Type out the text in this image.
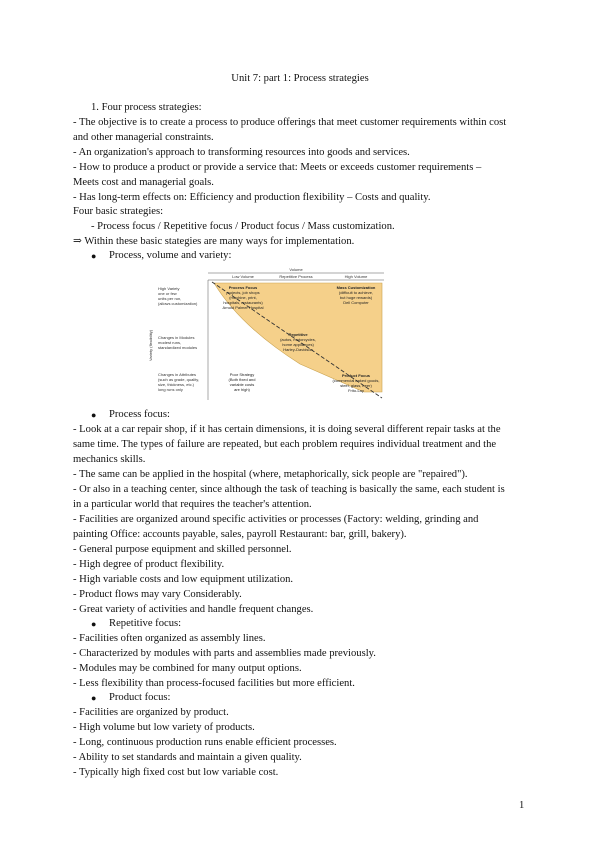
Unit 7: part 1: Process strategies
1. Four process strategies:
- The objective is to create a process to produce offerings that meet customer requirements within cost
and other managerial constraints.
- An organization's approach to transforming resources into goods and services.
- How to produce a product or provide a service that: Meets or exceeds customer requirements –
Meets cost and managerial goals.
- Has long-term effects on: Efficiency and production flexibility – Costs and quality.
Four basic strategies:
- Process focus / Repetitive focus / Product focus / Mass customization.
⇒ Within these basic stategies are many ways for implementation.
● Process, volume and variety:
Volume
Low Volume	Repetitive Process	High Volume
Variety (flexibility)
High Variety
one or few
units per run,
(allows customization)
Changes in Modules
modest runs,
standardized modules
Changes in Attributes
(such as grade, quality,
size, thickness, etc.)
long runs only
Process Focus
projects, job shops
(machine, print,
hospitals, restaurants)
Arnold Palmer Hospital
Mass Customization
(difficult to achieve,
but huge rewards)
Dell Computer
Repetitive
(autos, motorcycles,
home appliances)
Harley-Davidson
Poor Strategy
(Both fixed and
variable costs
are high)
Product Focus
(commercial baked goods,
steel, glass, beer)
Frito-Lay
● Process focus:
- Look at a car repair shop, if it has certain dimensions, it is doing several different repair tasks at the
same time. The types of failure are repeated, but each problem requires individual treatment and the
mechanics skills.
- The same can be applied in the hospital (where, metaphorically, sick people are "repaired").
- Or also in a teaching center, since although the task of teaching is basically the same, each student is
in a particular world that requires the teacher's attention.
- Facilities are organized around specific activities or processes (Factory: welding, grinding and
painting Office: accounts payable, sales, payroll Restaurant: bar, grill, bakery).
- General purpose equipment and skilled personnel.
- High degree of product flexibility.
- High variable costs and low equipment utilization.
- Product flows may vary Considerably.
- Great variety of activities and handle frequent changes.
● Repetitive focus:
- Facilities often organized as assembly lines.
- Characterized by modules with parts and assemblies made previously.
- Modules may be combined for many output options.
- Less flexibility than process-focused facilities but more efficient.
● Product focus:
- Facilities are organized by product.
- High volume but low variety of products.
- Long, continuous production runs enable efficient processes.
- Ability to set standards and maintain a given quality.
- Typically high fixed cost but low variable cost.
1
